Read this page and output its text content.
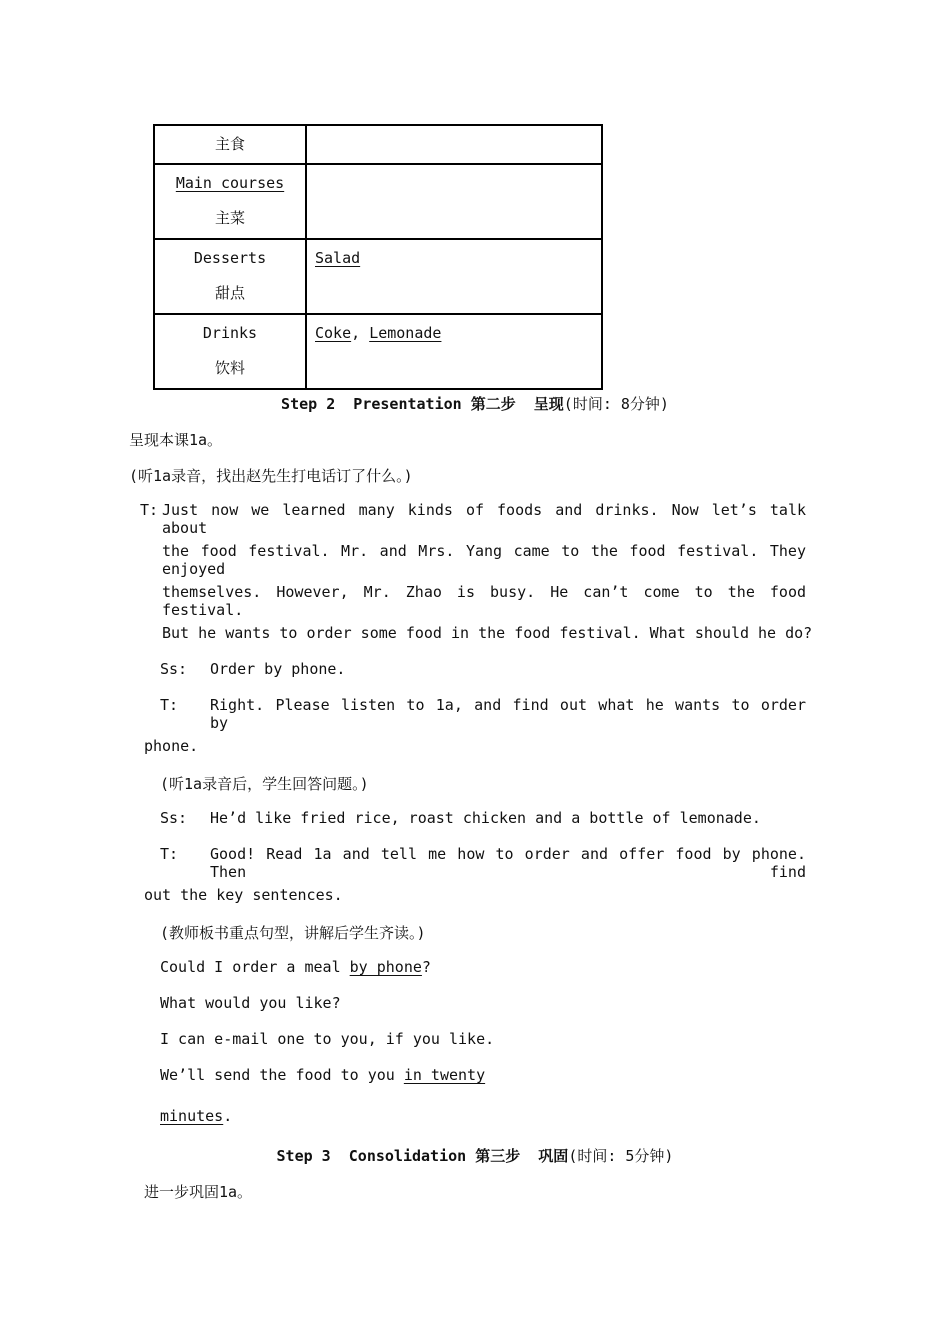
主食	

Main courses
主菜	

Desserts
甜点	Salad

Drinks
饮料	Coke, Lemonade
Step 2 Presentation 第二步 呈现(时间: 8分钟)
呈现本课1a。
(听1a录音，找出赵先生打电话订了什么。)
T: Just now we learned many kinds of foods and drinks. Now let’s talk about
the food festival. Mr. and Mrs. Yang came to the food festival. They enjoyed
themselves. However, Mr. Zhao is busy. He can’t come to the food festival.
But he wants to order some food in the food festival. What should he do?
Ss: Order by phone.
T: Right. Please listen to 1a, and find out what he wants to order by
phone.
(听1a录音后，学生回答问题。)
Ss: He’d like fried rice, roast chicken and a bottle of lemonade.
T: Good! Read 1a and tell me how to order and offer food by phone. Then find
out the key sentences.
(教师板书重点句型，讲解后学生齐读。)
Could I order a meal by phone?
What would you like?
I can e-mail one to you, if you like.
We’ll send the food to you in twenty
minutes.
Step 3 Consolidation 第三步 巩固(时间: 5分钟)
进一步巩固1a。
